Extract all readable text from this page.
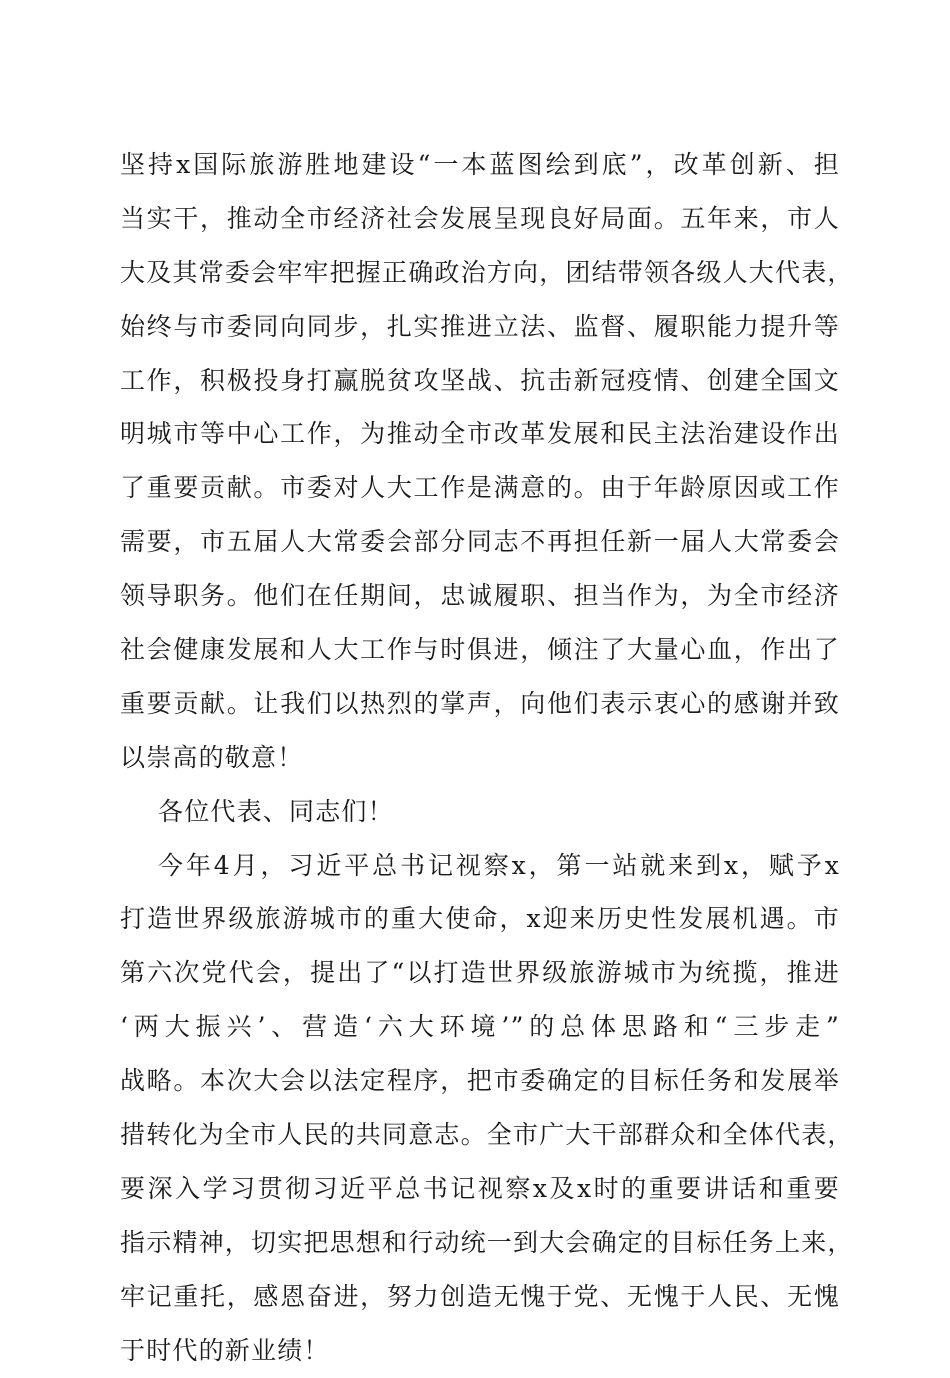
坚持x国际旅游胜地建设“一本蓝图绘到底”，改革创新、担
当实干，推动全市经济社会发展呈现良好局面。五年来，市人
大及其常委会牢牢把握正确政治方向，团结带领各级人大代表，
始终与市委同向同步，扎实推进立法、监督、履职能力提升等
工作，积极投身打赢脱贫攻坚战、抗击新冠疫情、创建全国文
明城市等中心工作，为推动全市改革发展和民主法治建设作出
了重要贡献。市委对人大工作是满意的。由于年龄原因或工作
需要，市五届人大常委会部分同志不再担任新一届人大常委会
领导职务。他们在任期间，忠诚履职、担当作为，为全市经济
社会健康发展和人大工作与时俱进，倾注了大量心血，作出了
重要贡献。让我们以热烈的掌声，向他们表示衷心的感谢并致
以崇高的敬意！
各位代表、同志们！
今年4月，习近平总书记视察x，第一站就来到x，赋予x
打造世界级旅游城市的重大使命，x迎来历史性发展机遇。市
第六次党代会，提出了“以打造世界级旅游城市为统揽，推进
‘两大振兴’、营造‘六大环境’”的总体思路和“三步走”
战略。本次大会以法定程序，把市委确定的目标任务和发展举
措转化为全市人民的共同意志。全市广大干部群众和全体代表，
要深入学习贯彻习近平总书记视察x及x时的重要讲话和重要
指示精神，切实把思想和行动统一到大会确定的目标任务上来，
牢记重托，感恩奋进，努力创造无愧于党、无愧于人民、无愧
于时代的新业绩！
